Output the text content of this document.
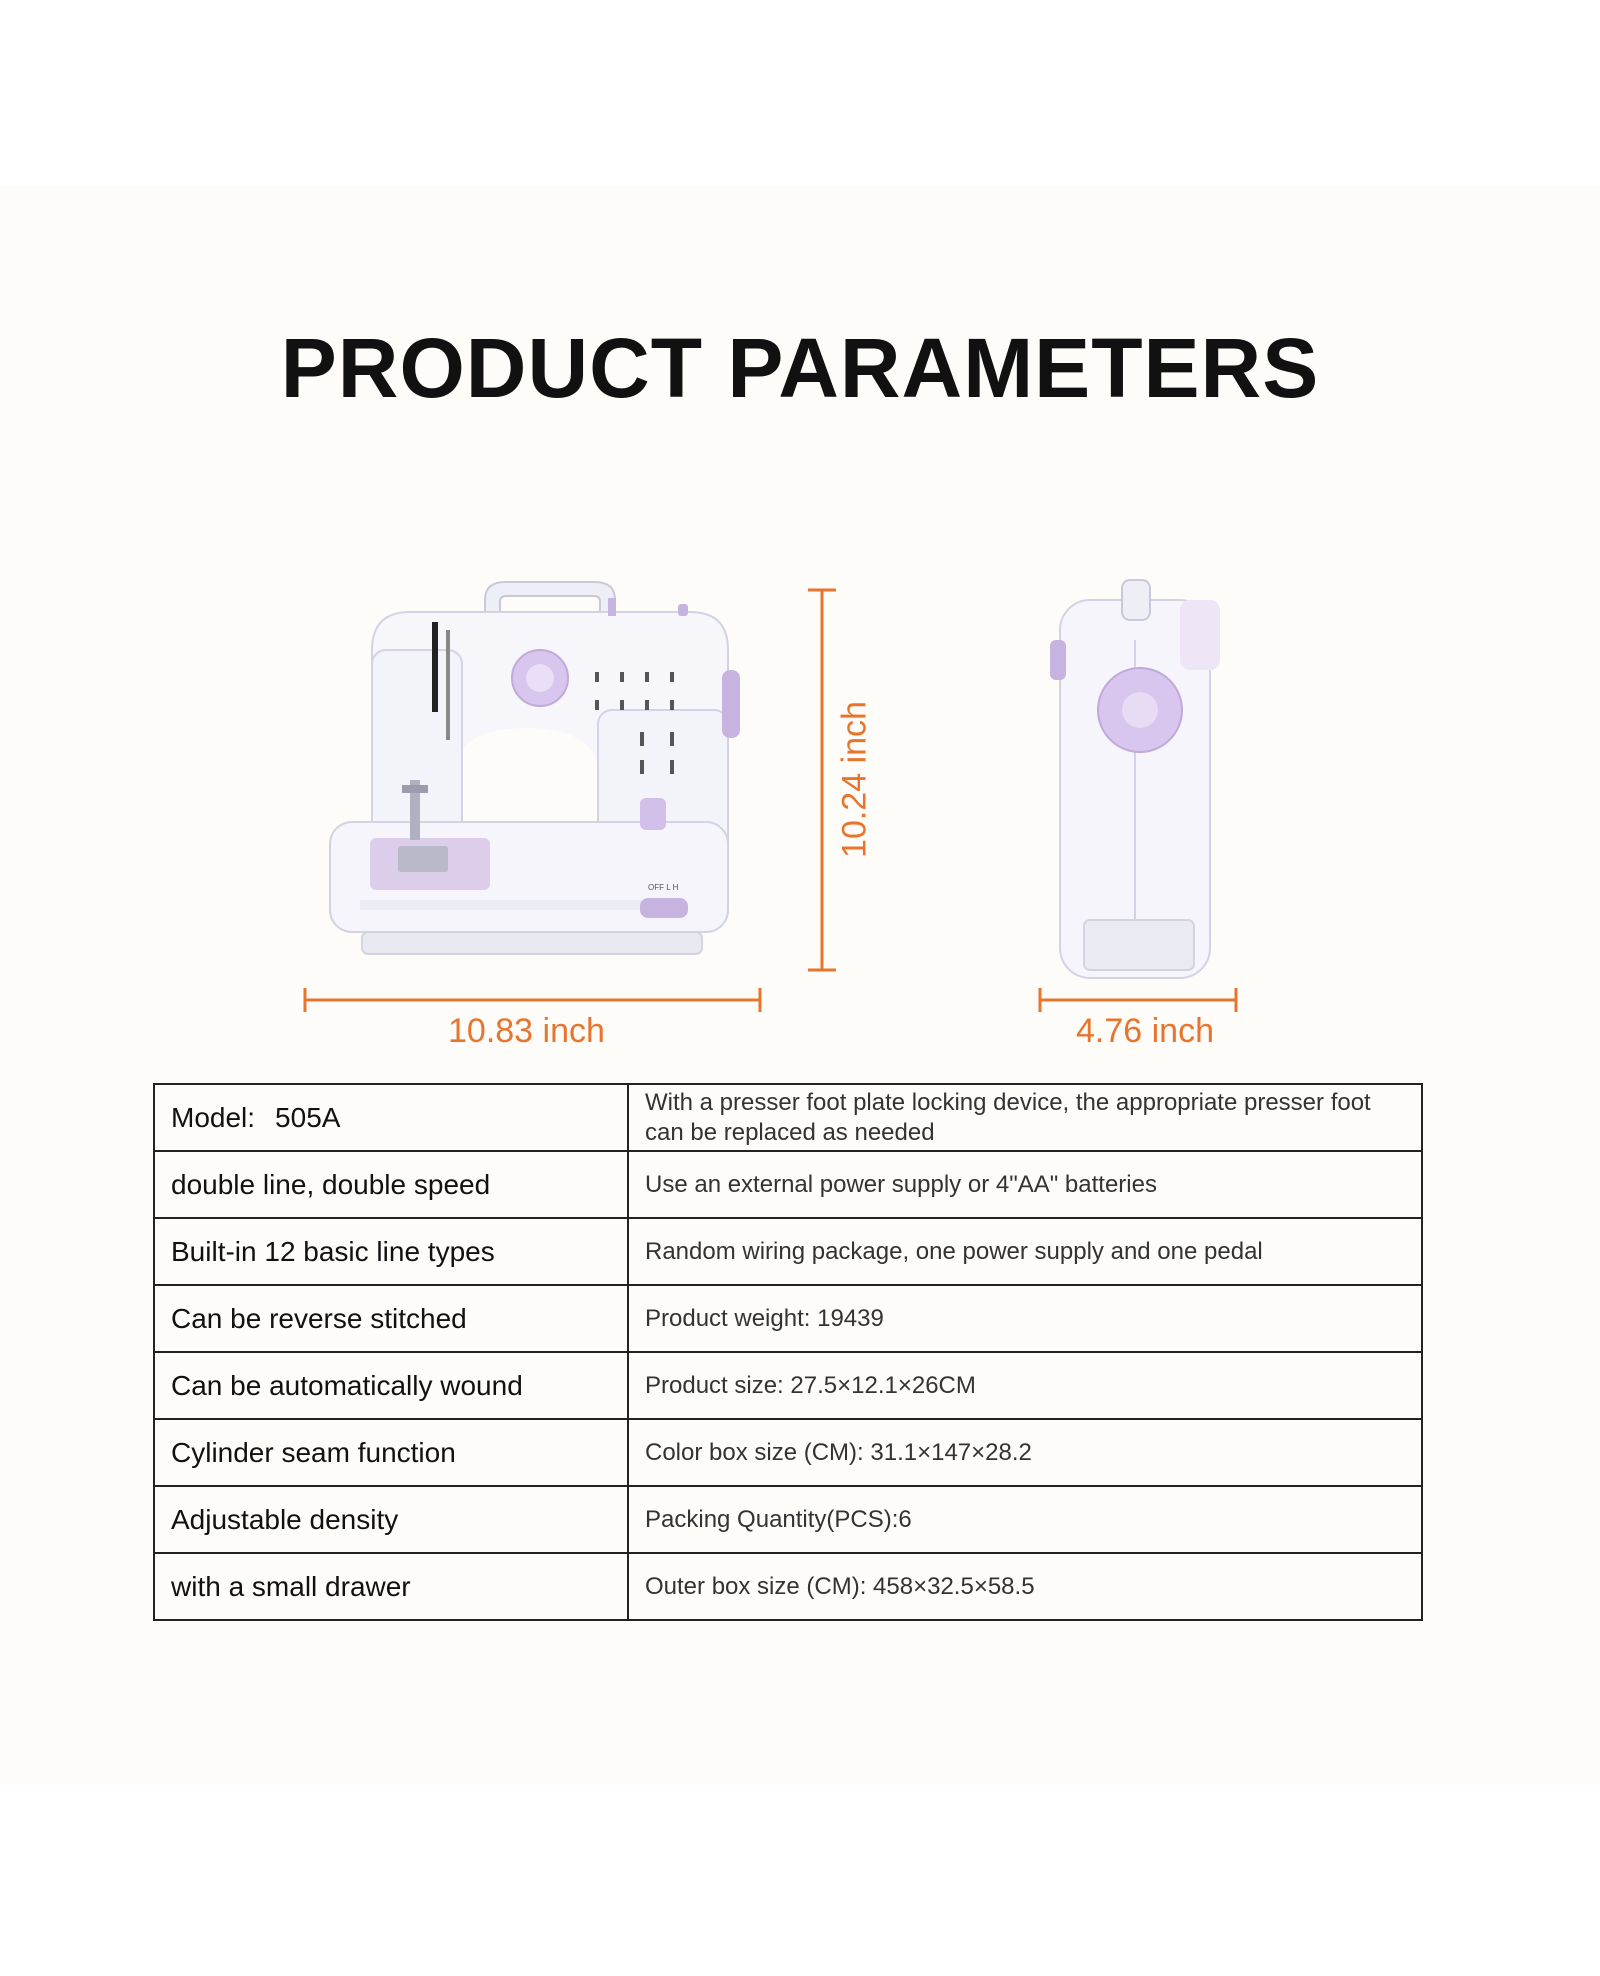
PRODUCT PARAMETERS
OFF L H
10.83 inch
10.24 inch
4.76 inch
Model: 505A	With a presser foot plate locking device, the appropriate presser foot can be replaced as needed
double line, double speed	Use an external power supply or 4"AA" batteries
Built-in 12 basic line types	Random wiring package, one power supply and one pedal
Can be reverse stitched	Product weight: 19439
Can be automatically wound	Product size: 27.5×12.1×26CM
Cylinder seam function	Color box size (CM): 31.1×147×28.2
Adjustable density	Packing Quantity(PCS):6
with a small drawer	Outer box size (CM): 458×32.5×58.5
